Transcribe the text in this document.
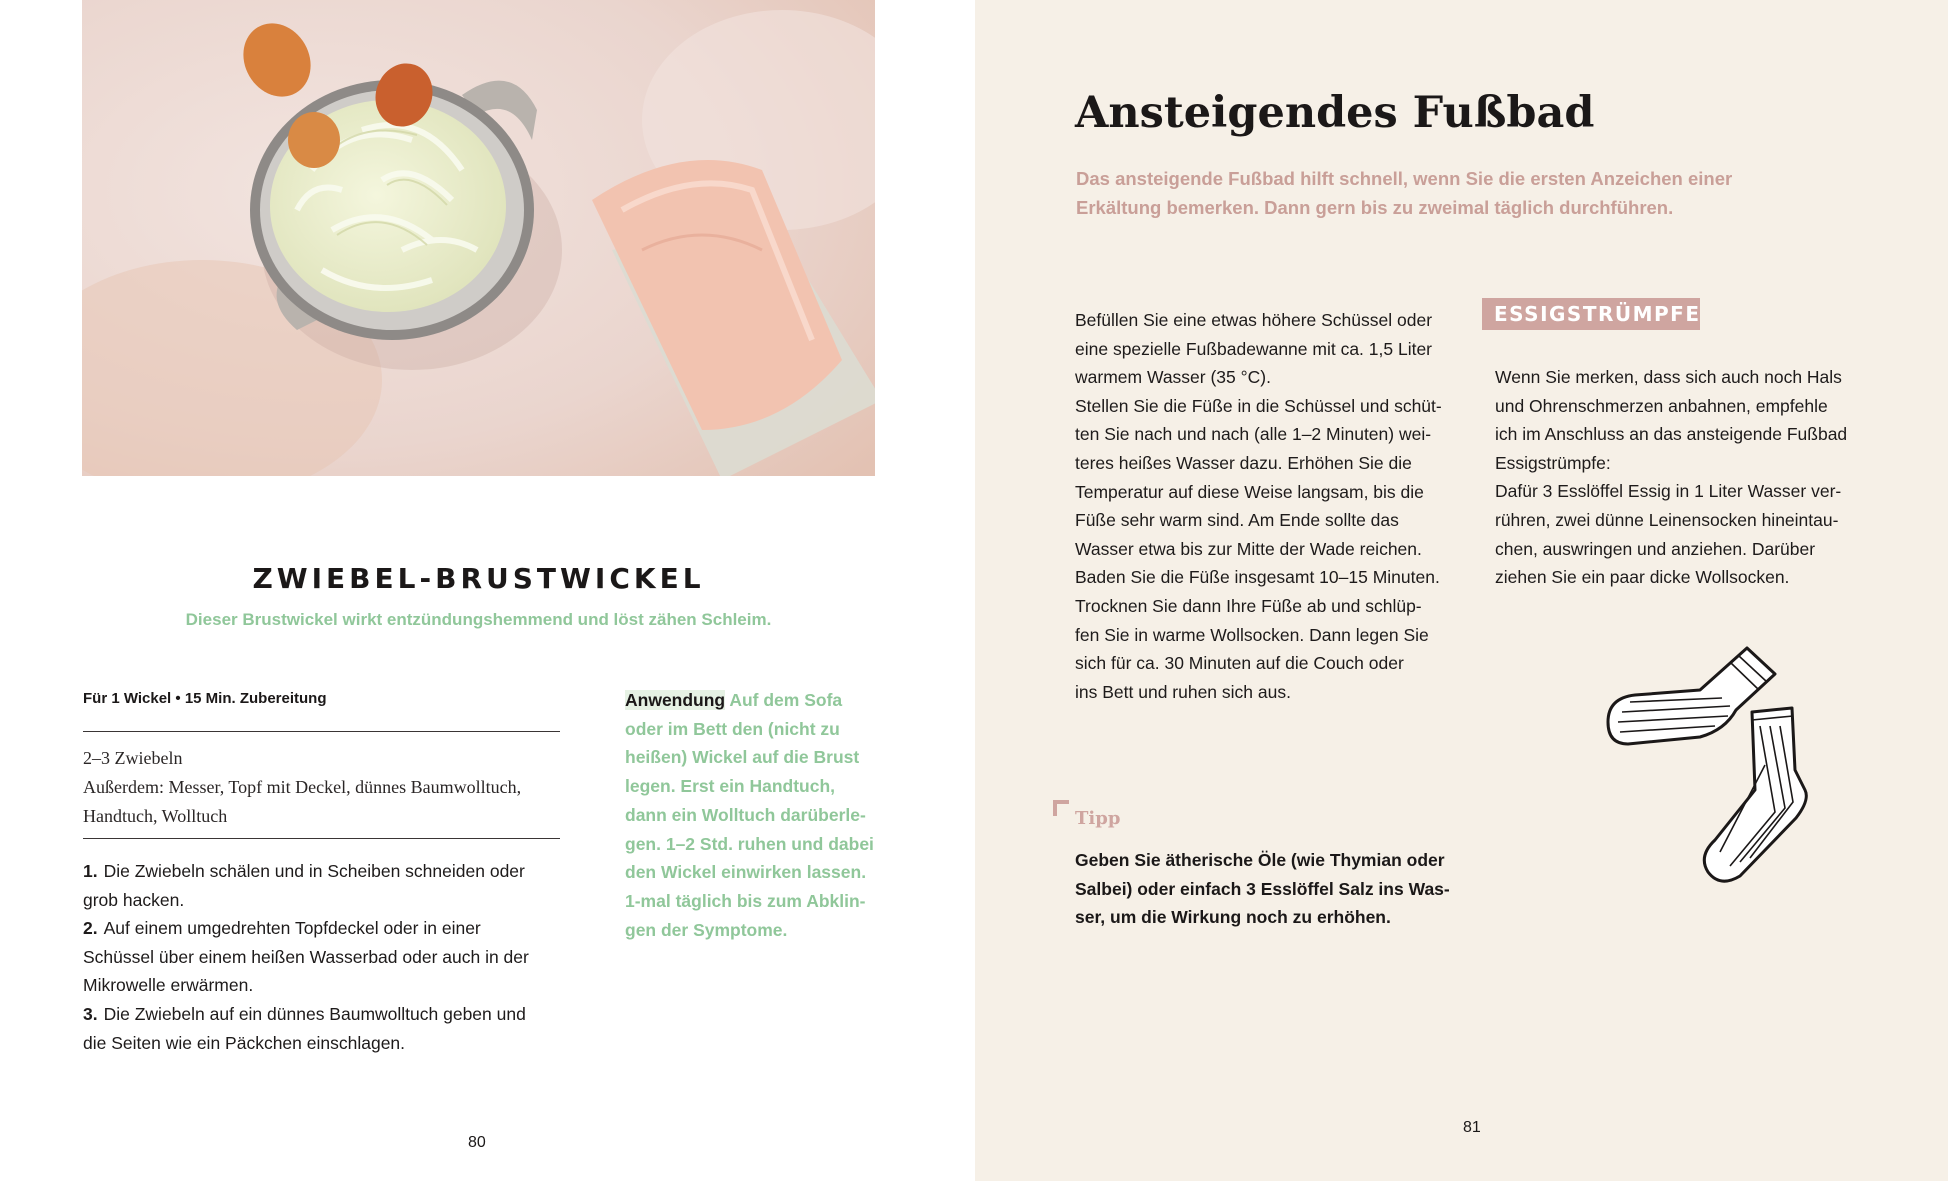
ZWIEBEL-BRUSTWICKEL
Dieser Brustwickel wirkt entzündungshemmend und löst zähen Schleim.
Für 1 Wickel • 15 Min. Zubereitung
2–3 Zwiebeln
Außerdem: Messer, Topf mit Deckel, dünnes Baumwolltuch,
Handtuch, Wolltuch
1. Die Zwiebeln schälen und in Scheiben schneiden oder
grob hacken.
2. Auf einem umgedrehten Topfdeckel oder in einer
Schüssel über einem heißen Wasserbad oder auch in der
Mikrowelle erwärmen.
3. Die Zwiebeln auf ein dünnes Baumwolltuch geben und
die Seiten wie ein Päckchen einschlagen.
Anwendung Auf dem Sofa
oder im Bett den (nicht zu
heißen) Wickel auf die Brust
legen. Erst ein Handtuch,
dann ein Wolltuch darüberle-
gen. 1–2 Std. ruhen und dabei
den Wickel einwirken lassen.
1-mal täglich bis zum Abklin-
gen der Symptome.
80
Ansteigendes Fußbad
Das ansteigende Fußbad hilft schnell, wenn Sie die ersten Anzeichen einer
Erkältung bemerken. Dann gern bis zu zweimal täglich durchführen.
Befüllen Sie eine etwas höhere Schüssel oder
eine spezielle Fußbadewanne mit ca. 1,5 Liter
warmem Wasser (35 °C).
Stellen Sie die Füße in die Schüssel und schüt-
ten Sie nach und nach (alle 1–2 Minuten) wei-
teres heißes Wasser dazu. Erhöhen Sie die
Temperatur auf diese Weise langsam, bis die
Füße sehr warm sind. Am Ende sollte das
Wasser etwa bis zur Mitte der Wade reichen.
Baden Sie die Füße insgesamt 10–15 Minuten.
Trocknen Sie dann Ihre Füße ab und schlüp-
fen Sie in warme Wollsocken. Dann legen Sie
sich für ca. 30 Minuten auf die Couch oder
ins Bett und ruhen sich aus.
ESSIGSTRÜMPFE
Wenn Sie merken, dass sich auch noch Hals
und Ohrenschmerzen anbahnen, empfehle
ich im Anschluss an das ansteigende Fußbad
Essigstrümpfe:
Dafür 3 Esslöffel Essig in 1 Liter Wasser ver-
rühren, zwei dünne Leinensocken hineintau-
chen, auswringen und anziehen. Darüber
ziehen Sie ein paar dicke Wollsocken.
Tipp
Geben Sie ätherische Öle (wie Thymian oder
Salbei) oder einfach 3 Esslöffel Salz ins Was-
ser, um die Wirkung noch zu erhöhen.
81
